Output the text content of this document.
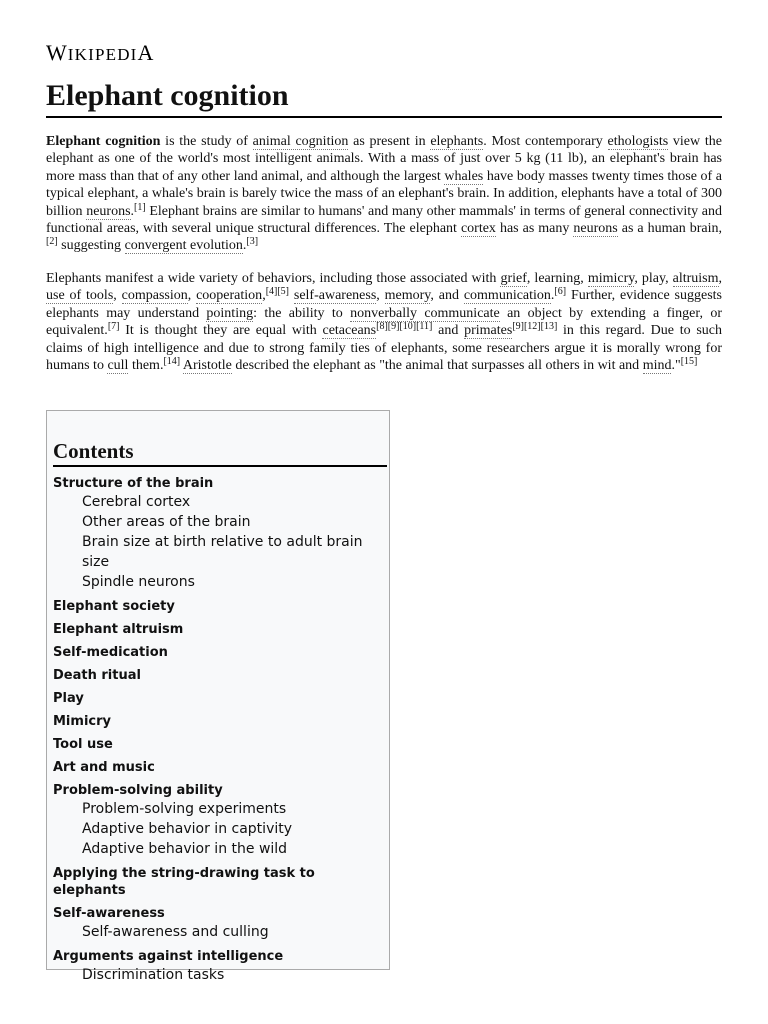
WIKIPEDIA
Elephant cognition

Elephant cognition is the study of animal cognition as present in elephants. Most contemporary ethologists view the elephant as one of the world's most intelligent animals. With a mass of just over 5 kg (11 lb), an elephant's brain has more mass than that of any other land animal, and although the largest whales have body masses twenty times those of a typical elephant, a whale's brain is barely twice the mass of an elephant's brain. In addition, elephants have a total of 300 billion neurons.[1] Elephant brains are similar to humans' and many other mammals' in terms of general connectivity and functional areas, with several unique structural differences. The elephant cortex has as many neurons as a human brain,[2] suggesting convergent evolution.[3]

Elephants manifest a wide variety of behaviors, including those associated with grief, learning, mimicry, play, altruism, use of tools, compassion, cooperation,[4][5] self-awareness, memory, and communication.[6] Further, evidence suggests elephants may understand pointing: the ability to nonverbally communicate an object by extending a finger, or equivalent.[7] It is thought they are equal with cetaceans[8][9][10][11] and primates[9][12][13] in this regard. Due to such claims of high intelligence and due to strong family ties of elephants, some researchers argue it is morally wrong for humans to cull them.[14] Aristotle described the elephant as "the animal that surpasses all others in wit and mind."[15]

Contents
Structure of the brain
Cerebral cortex
Other areas of the brain
Brain size at birth relative to adult brain size
Spindle neurons
Elephant society
Elephant altruism
Self-medication
Death ritual
Play
Mimicry
Tool use
Art and music
Problem-solving ability
Problem-solving experiments
Adaptive behavior in captivity
Adaptive behavior in the wild
Applying the string-drawing task to elephants
Self-awareness
Self-awareness and culling
Arguments against intelligence
Discrimination tasks
